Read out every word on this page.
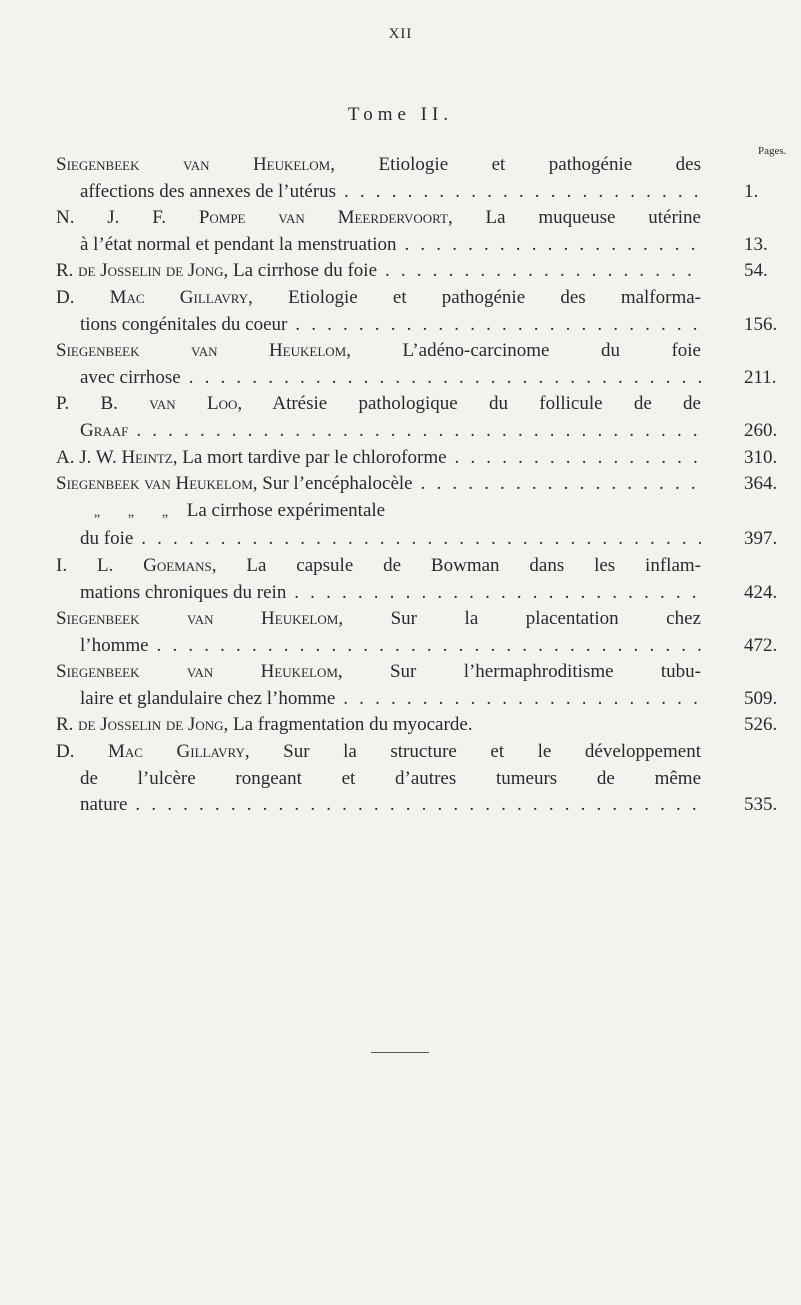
XII
Tome II.
Pages.
Siegenbeek van Heukelom, Etiologie et pathogénie des
affections des annexes de l’utérus . . .	1.
N. J. F. Pompe van Meerdervoort, La muqueuse utérine
à l’état normal et pendant la menstruation . . .	13.
R. de Josselin de Jong, La cirrhose du foie . . .	54.
D. Mac Gillavry, Etiologie et pathogénie des malforma-
tions congénitales du coeur . . .	156.
Siegenbeek van Heukelom, L’adéno-carcinome du foie
avec cirrhose . . .	211.
P. B. van Loo, Atrésie pathologique du follicule de de
Graaf . . .	260.
A. J. W. Heintz, La mort tardive par le chloroforme . . .	310.
Siegenbeek van Heukelom, Sur l’encéphalocèle . . .	364.
„ „ „ La cirrhose expérimentale
du foie . . .	397.
I. L. Goemans, La capsule de Bowman dans les inflam-
mations chroniques du rein . . .	424.
Siegenbeek van Heukelom, Sur la placentation chez
l’homme . . .	472.
Siegenbeek van Heukelom, Sur l’hermaphroditisme tubu-
laire et glandulaire chez l’homme . . .	509.
R. de Josselin de Jong, La fragmentation du myocarde.	526.
D. Mac Gillavry, Sur la structure et le développement
de l’ulcère rongeant et d’autres tumeurs de même
nature . . .	535.
